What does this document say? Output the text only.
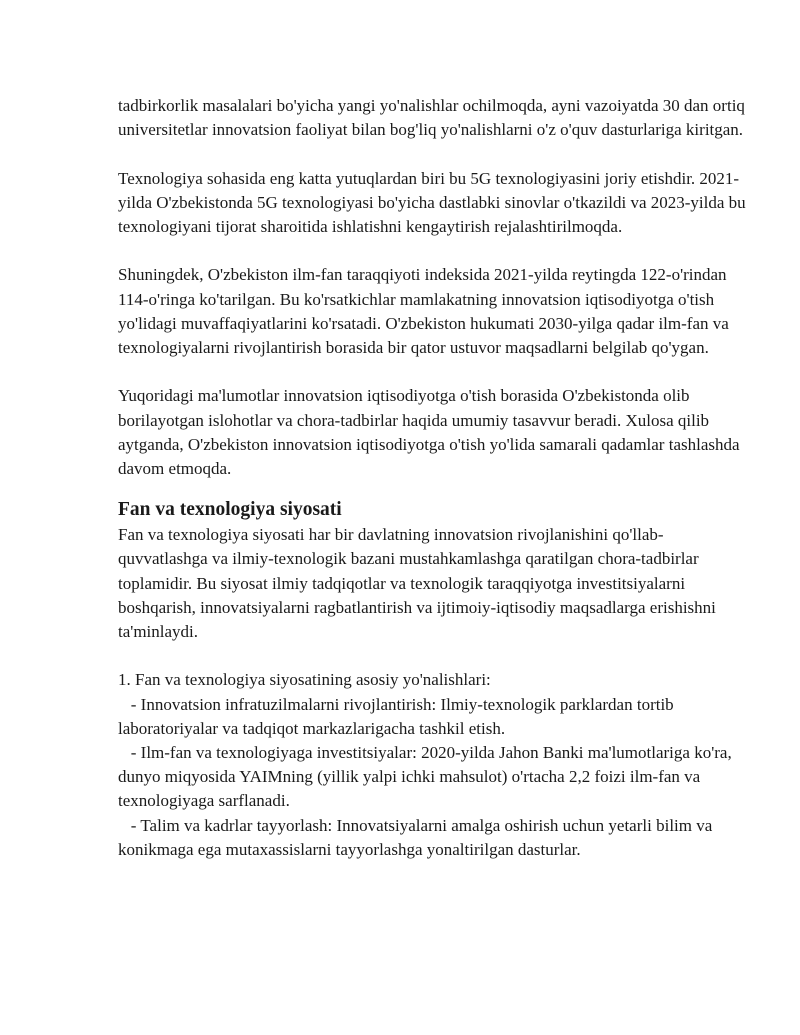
tadbirkorlik masalalari bo'yicha yangi yo'nalishlar ochilmoqda, ayni vazoiyatda 30 dan ortiq universitetlar innovatsion faoliyat bilan bog'liq yo'nalishlarni o'z o'quv dasturlariga kiritgan.

Texnologiya sohasida eng katta yutuqlardan biri bu 5G texnologiyasini joriy etishdir. 2021-yilda O'zbekistonda 5G texnologiyasi bo'yicha dastlabki sinovlar o'tkazildi va 2023-yilda bu texnologiyani tijorat sharoitida ishlatishni kengaytirish rejalashtirilmoqda.

Shuningdek, O'zbekiston ilm-fan taraqqiyoti indeksida 2021-yilda reytingda 122-o'rindan 114-o'ringa ko'tarilgan. Bu ko'rsatkichlar mamlakatning innovatsion iqtisodiyotga o'tish yo'lidagi muvaffaqiyatlarini ko'rsatadi. O'zbekiston hukumati 2030-yilga qadar ilm-fan va texnologiyalarni rivojlantirish borasida bir qator ustuvor maqsadlarni belgilab qo'ygan.

Yuqoridagi ma'lumotlar innovatsion iqtisodiyotga o'tish borasida O'zbekistonda olib borilayotgan islohotlar va chora-tadbirlar haqida umumiy tasavvur beradi. Xulosa qilib aytganda, O'zbekiston innovatsion iqtisodiyotga o'tish yo'lida samarali qadamlar tashlashda davom etmoqda.

Fan va texnologiya siyosati

Fan va texnologiya siyosati har bir davlatning innovatsion rivojlanishini qo'llab-quvvatlashga va ilmiy-texnologik bazani mustahkamlashga qaratilgan chora-tadbirlar toplamidir. Bu siyosat ilmiy tadqiqotlar va texnologik taraqqiyotga investitsiyalarni boshqarish, innovatsiyalarni ragbatlantirish va ijtimoiy-iqtisodiy maqsadlarga erishishni ta'minlaydi.

1. Fan va texnologiya siyosatining asosiy yo'nalishlari:

- Innovatsion infratuzilmalarni rivojlantirish: Ilmiy-texnologik parklardan tortib laboratoriyalar va tadqiqot markazlarigacha tashkil etish.

- Ilm-fan va texnologiyaga investitsiyalar: 2020-yilda Jahon Banki ma'lumotlariga ko'ra, dunyo miqyosida YAIMning (yillik yalpi ichki mahsulot) o'rtacha 2,2 foizi ilm-fan va texnologiyaga sarflanadi.

- Talim va kadrlar tayyorlash: Innovatsiyalarni amalga oshirish uchun yetarli bilim va konikmaga ega mutaxassislarni tayyorlashga yonaltirilgan dasturlar.
